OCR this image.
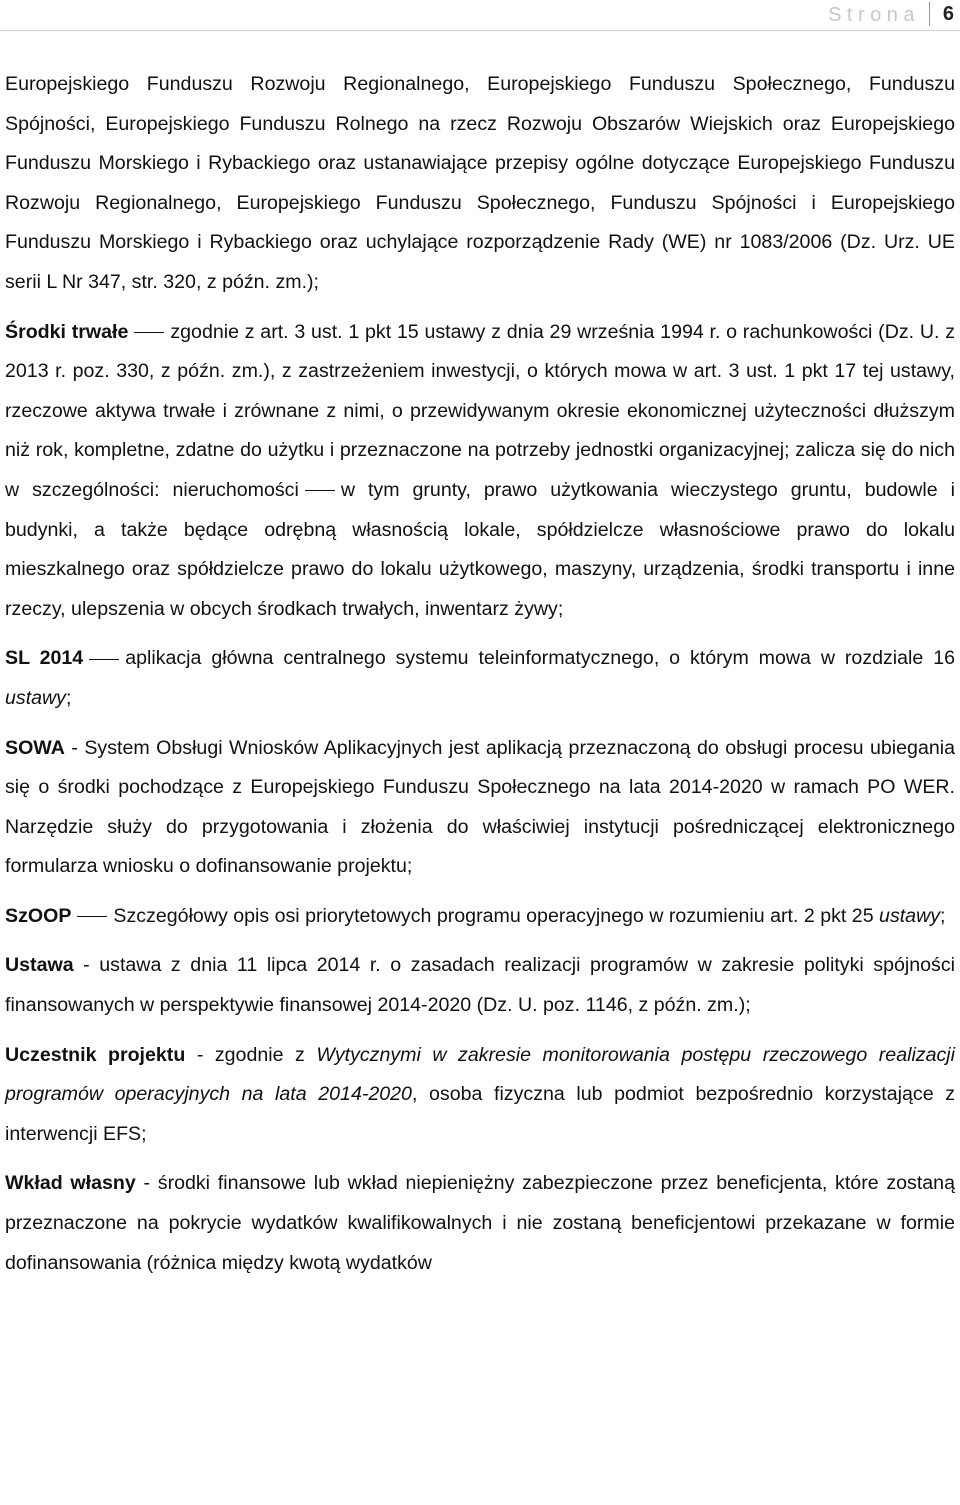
Strona 6

Europejskiego Funduszu Rozwoju Regionalnego, Europejskiego Funduszu Społecznego, Funduszu Spójności, Europejskiego Funduszu Rolnego na rzecz Rozwoju Obszarów Wiejskich oraz Europejskiego Funduszu Morskiego i Rybackiego oraz ustanawiające przepisy ogólne dotyczące Europejskiego Funduszu Rozwoju Regionalnego, Europejskiego Funduszu Społecznego, Funduszu Spójności i Europejskiego Funduszu Morskiego i Rybackiego oraz uchylające rozporządzenie Rady (WE) nr 1083/2006 (Dz. Urz. UE serii L Nr 347, str. 320, z późn. zm.);

Środki trwałe zgodnie z art. 3 ust. 1 pkt 15 ustawy z dnia 29 września 1994 r. o rachunkowości (Dz. U. z 2013 r. poz. 330, z późn. zm.), z zastrzeżeniem inwestycji, o których mowa w art. 3 ust. 1 pkt 17 tej ustawy, rzeczowe aktywa trwałe i zrównane z nimi, o przewidywanym okresie ekonomicznej użyteczności dłuższym niż rok, kompletne, zdatne do użytku i przeznaczone na potrzeby jednostki organizacyjnej; zalicza się do nich w szczególności: nieruchomości w tym grunty, prawo użytkowania wieczystego gruntu, budowle i budynki, a także będące odrębną własnością lokale, spółdzielcze własnościowe prawo do lokalu mieszkalnego oraz spółdzielcze prawo do lokalu użytkowego, maszyny, urządzenia, środki transportu i inne rzeczy, ulepszenia w obcych środkach trwałych, inwentarz żywy;

SL 2014 aplikacja główna centralnego systemu teleinformatycznego, o którym mowa w rozdziale 16 ustawy;

SOWA - System Obsługi Wniosków Aplikacyjnych jest aplikacją przeznaczoną do obsługi procesu ubiegania się o środki pochodzące z Europejskiego Funduszu Społecznego na lata 2014-2020 w ramach PO WER. Narzędzie służy do przygotowania i złożenia do właściwiej instytucji pośredniczącej elektronicznego formularza wniosku o dofinansowanie projektu;

SzOOP Szczegółowy opis osi priorytetowych programu operacyjnego w rozumieniu art. 2 pkt 25 ustawy;

Ustawa - ustawa z dnia 11 lipca 2014 r. o zasadach realizacji programów w zakresie polityki spójności finansowanych w perspektywie finansowej 2014-2020 (Dz. U. poz. 1146, z późn. zm.);

Uczestnik projektu - zgodnie z Wytycznymi w zakresie monitorowania postępu rzeczowego realizacji programów operacyjnych na lata 2014-2020, osoba fizyczna lub podmiot bezpośrednio korzystające z interwencji EFS;

Wkład własny - środki finansowe lub wkład niepieniężny zabezpieczone przez beneficjenta, które zostaną przeznaczone na pokrycie wydatków kwalifikowalnych i nie zostaną beneficjentowi przekazane w formie dofinansowania (różnica między kwotą wydatków
